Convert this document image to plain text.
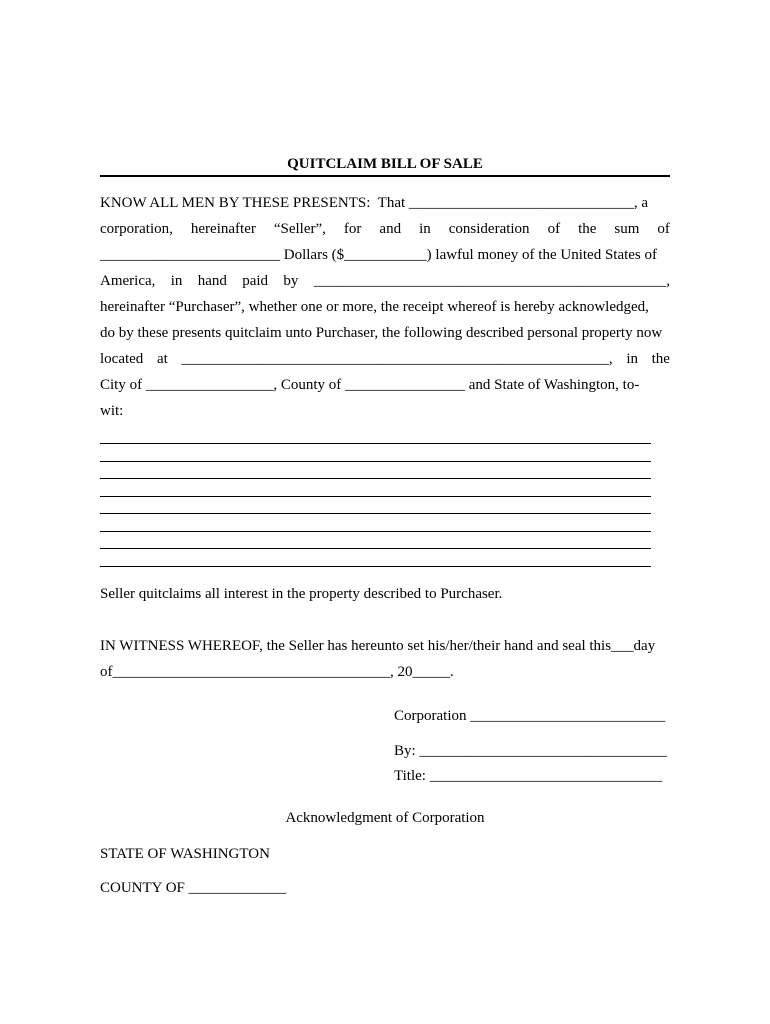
QUITCLAIM BILL OF SALE
KNOW ALL MEN BY THESE PRESENTS:  That ______________________________, a
corporation, hereinafter “Seller”, for and in consideration of the sum of
________________________ Dollars ($___________) lawful money of the United States of
America, in hand paid by _______________________________________________,
hereinafter “Purchaser”, whether one or more, the receipt whereof is hereby acknowledged,
do by these presents quitclaim unto Purchaser, the following described personal property now
located at _________________________________________________________, in the
City of _________________, County of ________________ and State of Washington, to-
wit:
Seller quitclaims all interest in the property described to Purchaser.
IN WITNESS WHEREOF, the Seller has hereunto set his/her/their hand and seal this___day
of_____________________________________, 20_____.
Corporation __________________________
By: _________________________________
Title: _______________________________
Acknowledgment of Corporation
STATE OF WASHINGTON
COUNTY OF _____________
